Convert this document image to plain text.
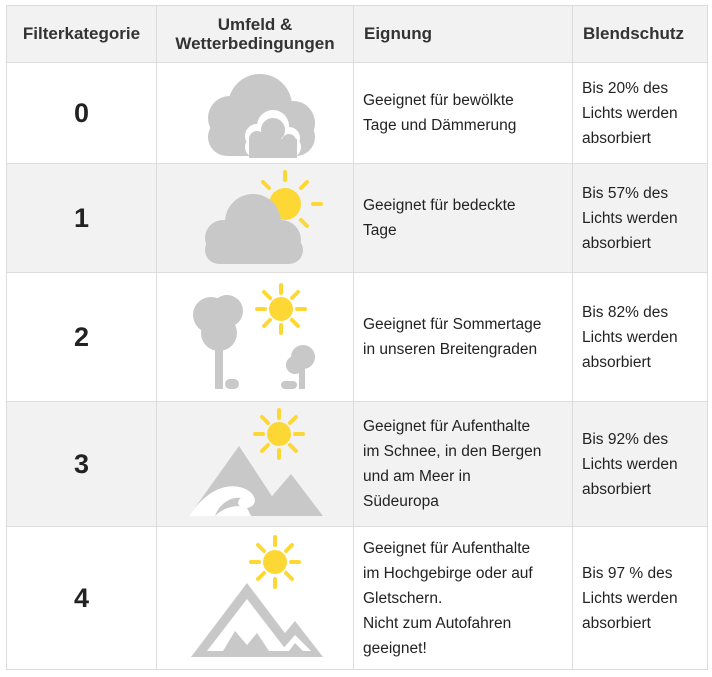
Filterkategorie	Umfeld &
Wetterbedingungen	Eignung	Blendschutz
0		Geeignet für bewölkte
Tage und Dämmerung	Bis 20% des
Lichts werden
absorbiert

1		Geeignet für bedeckte
Tage	Bis 57% des
Lichts werden
absorbiert

2		Geeignet für Sommertage
in unseren Breitengraden	Bis 82% des
Lichts werden
absorbiert

3		Geeignet für Aufenthalte
im Schnee, in den Bergen
und am Meer in
Südeuropa	Bis 92% des
Lichts werden
absorbiert

4		Geeignet für Aufenthalte
im Hochgebirge oder auf
Gletschern.
Nicht zum Autofahren
geeignet!	Bis 97 % des
Lichts werden
absorbiert
